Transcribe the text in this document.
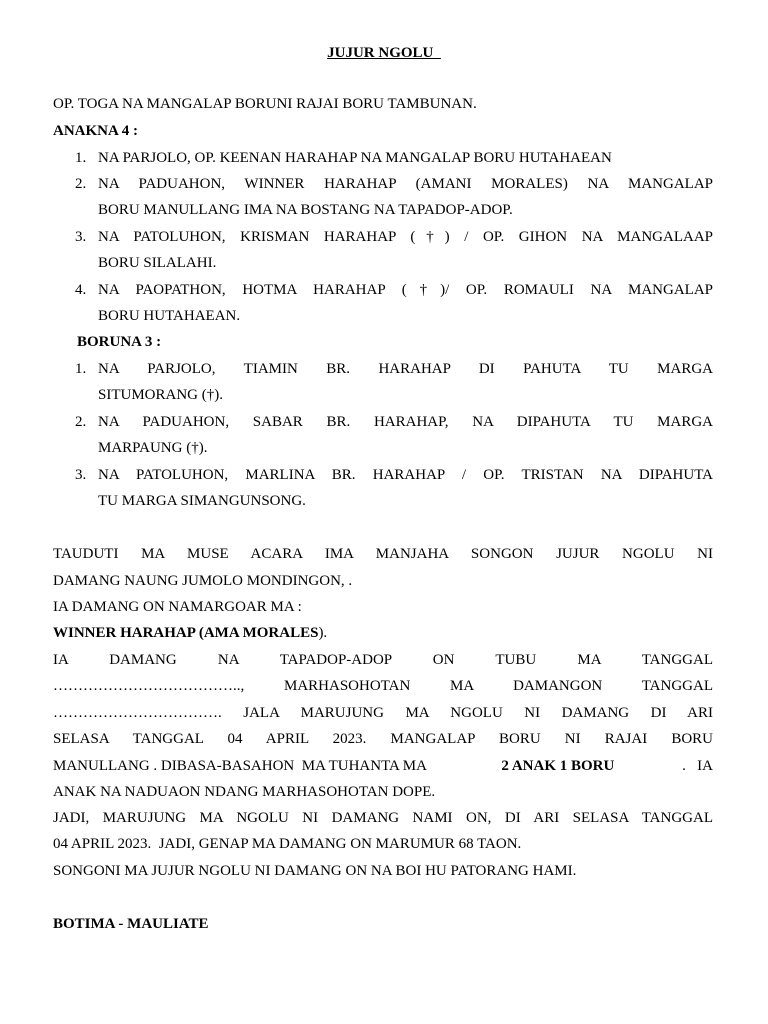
JUJUR NGOLU
OP. TOGA NA MANGALAP BORUNI RAJAI BORU TAMBUNAN.
ANAKNA 4 :
1. NA PARJOLO, OP. KEENAN HARAHAP NA MANGALAP BORU HUTAHAEAN
2. NA PADUAHON, WINNER HARAHAP (AMANI MORALES) NA MANGALAP
BORU MANULLANG IMA NA BOSTANG NA TAPADOP-ADOP.
3. NA PATOLUHON, KRISMAN HARAHAP (†) / OP. GIHON NA MANGALAAP
BORU SILALAHI.
4. NA PAOPATHON, HOTMA HARAHAP (†)/ OP. ROMAULI NA MANGALAP
BORU HUTAHAEAN.
BORUNA 3 :
1. NA PARJOLO, TIAMIN BR. HARAHAP DI PAHUTA TU MARGA
SITUMORANG (†).
2. NA PADUAHON, SABAR BR. HARAHAP, NA DIPAHUTA TU MARGA
MARPAUNG (†).
3. NA PATOLUHON, MARLINA BR. HARAHAP / OP. TRISTAN NA DIPAHUTA
TU MARGA SIMANGUNSONG.
TAUDUTI MA MUSE ACARA IMA MANJAHA SONGON JUJUR NGOLU NI
DAMANG NAUNG JUMOLO MONDINGON, .
IA DAMANG ON NAMARGOAR MA :
WINNER HARAHAP (AMA MORALES).
IA DAMANG NA TAPADOP-ADOP ON TUBU MA TANGGAL
……………………………….., MARHASOHOTAN MA DAMANGON TANGGAL
……………………………. JALA MARUJUNG MA NGOLU NI DAMANG DI ARI
SELASA TANGGAL 04 APRIL 2023. MANGALAP BORU NI RAJAI BORU
MANULLANG . DIBASA-BASAHON  MA TUHANTA MA	2 ANAK 1 BORU	.   IA
ANAK NA NADUAON NDANG MARHASOHOTAN DOPE.
JADI, MARUJUNG MA NGOLU NI DAMANG NAMI ON, DI ARI SELASA TANGGAL
04 APRIL 2023.  JADI, GENAP MA DAMANG ON MARUMUR 68 TAON.
SONGONI MA JUJUR NGOLU NI DAMANG ON NA BOI HU PATORANG HAMI.
BOTIMA - MAULIATE
